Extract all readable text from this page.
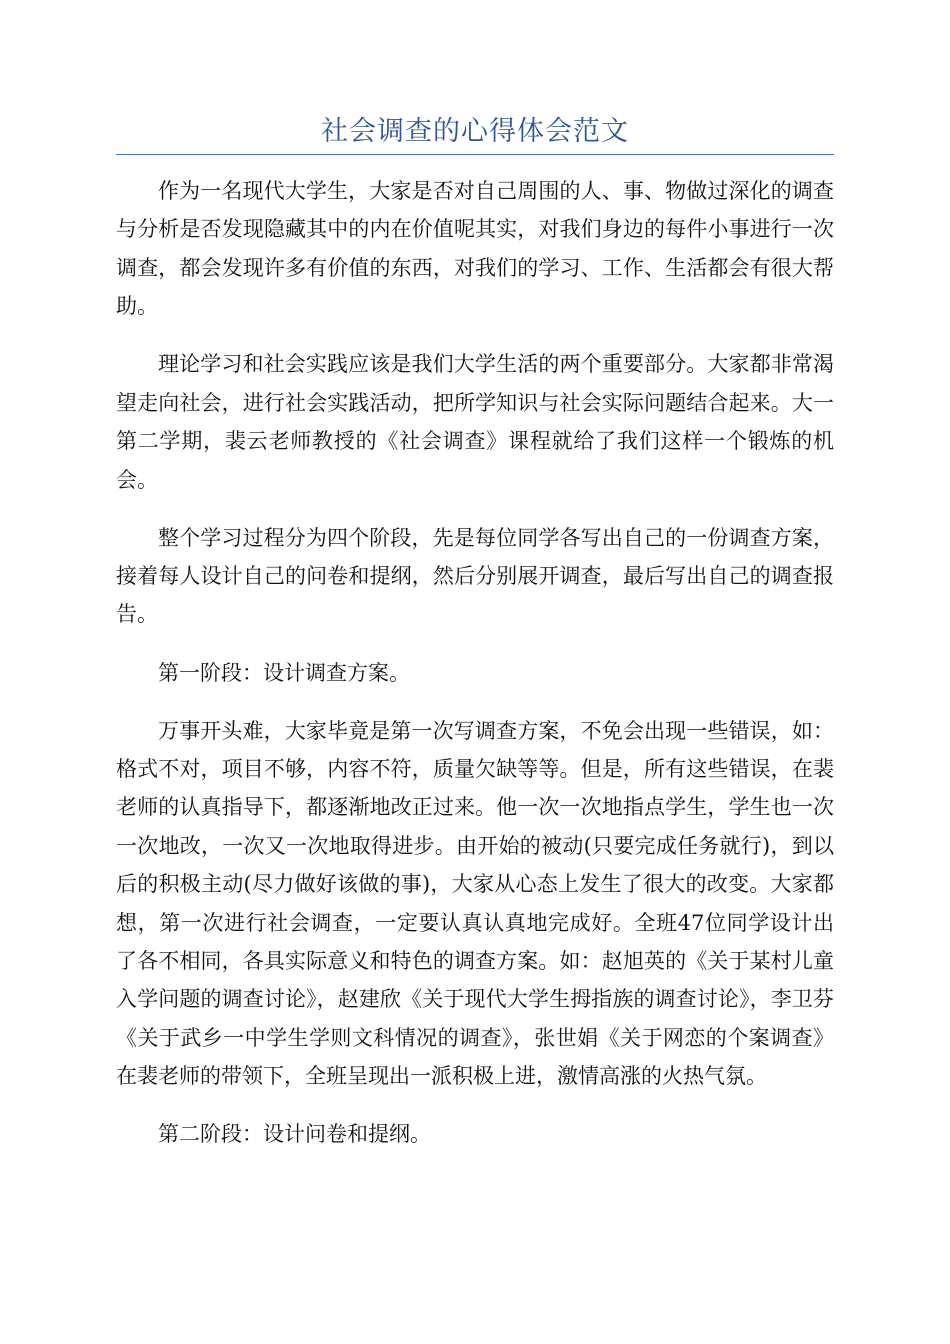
社会调查的心得体会范文

作为一名现代大学生，大家是否对自己周围的人、事、物做过深化的调查与分析是否发现隐藏其中的内在价值呢其实，对我们身边的每件小事进行一次调查，都会发现许多有价值的东西，对我们的学习、工作、生活都会有很大帮助。

理论学习和社会实践应该是我们大学生活的两个重要部分。大家都非常渴望走向社会，进行社会实践活动，把所学知识与社会实际问题结合起来。大一第二学期，裴云老师教授的《社会调查》课程就给了我们这样一个锻炼的机会。

整个学习过程分为四个阶段，先是每位同学各写出自己的一份调查方案，接着每人设计自己的问卷和提纲，然后分别展开调查，最后写出自己的调查报告。

第一阶段：设计调查方案。

万事开头难，大家毕竟是第一次写调查方案，不免会出现一些错误，如：格式不对，项目不够，内容不符，质量欠缺等等。但是，所有这些错误，在裴老师的认真指导下，都逐渐地改正过来。他一次一次地指点学生，学生也一次一次地改，一次又一次地取得进步。由开始的被动(只要完成任务就行)，到以后的积极主动(尽力做好该做的事)，大家从心态上发生了很大的改变。大家都想，第一次进行社会调查，一定要认真认真地完成好。全班47位同学设计出了各不相同，各具实际意义和特色的调查方案。如：赵旭英的《关于某村儿童入学问题的调查讨论》，赵建欣《关于现代大学生拇指族的调查讨论》，李卫芬《关于武乡一中学生学则文科情况的调查》，张世娟《关于网恋的个案调查》在裴老师的带领下，全班呈现出一派积极上进，激情高涨的火热气氛。

第二阶段：设计问卷和提纲。
